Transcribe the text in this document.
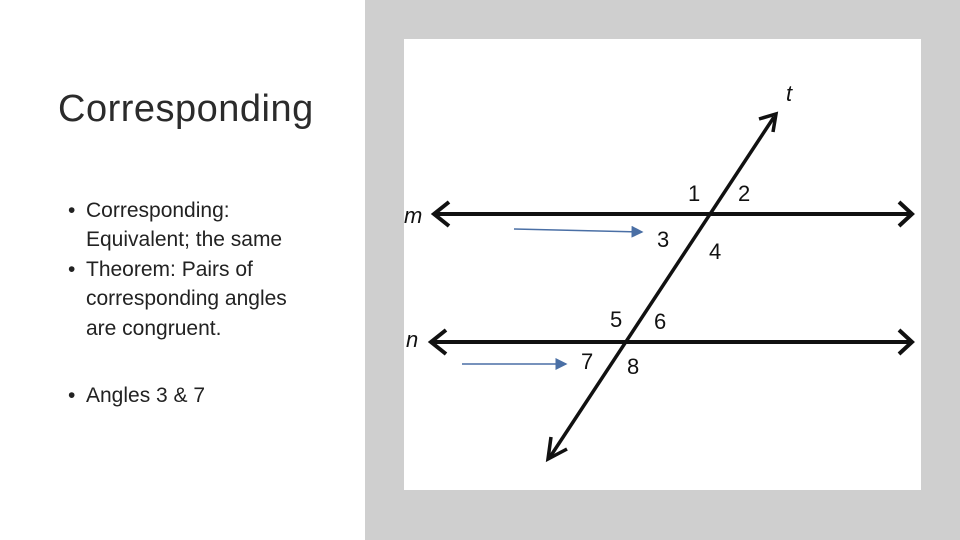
Corresponding
• Corresponding: Equivalent; the same
• Theorem: Pairs of corresponding angles are congruent.
• Angles 3 & 7
m
n
t
1 2
3 4
5 6
7 8
